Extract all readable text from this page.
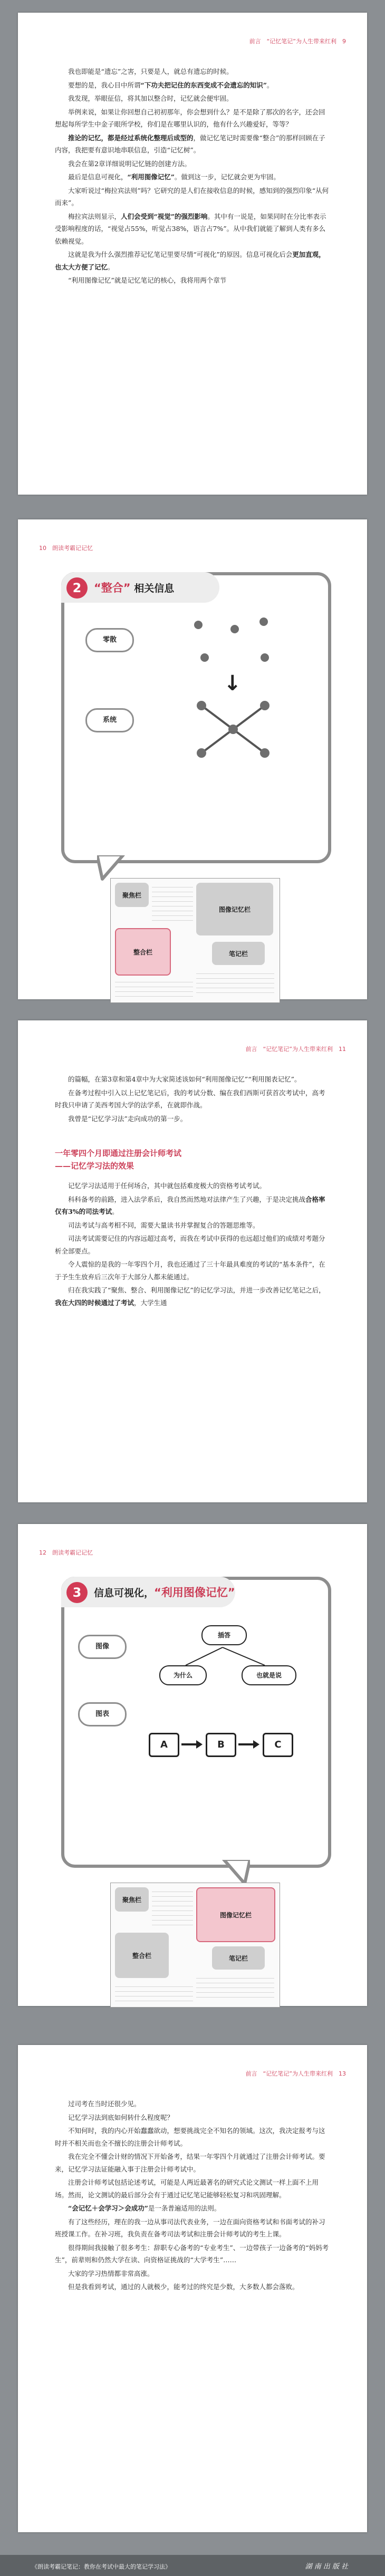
前言　“记忆笔记”为人生带来红利　9

我也即能是“遗忘”之害，只要是人，就总有遗忘的时候。

要想的是，我心目中所谓“下功夫把记住的东西变成不会遗忘的知识”。

我发现，举眼征信，将其加以整合时，记忆就会便牢固。

举例来说，如果让你回想自己初初那年，你会想到什么？是不是除了那次的名字，还会回想起每所学生中金子眼所学校，你们是在哪里认识的，他有什么兴趣爱好，等等？

推论的记忆，都是经过系统化整理后成型的，做记忆笔记时需要像“整合”的那样回顾在子内容，我把要有意识地串联信息，引造“记忆树”。

我会在第2章详细说明记忆链的创建方法。

最后是信息可视化，“利用图像记忆”。做到这一步，记忆就会更为牢固。

大家听说过“梅拉宾法则”吗？它研究的是人们在接收信息的时候，感知到的强烈印象“从何而来”。

梅拉宾法则显示，人们会受到“视觉”的强烈影响。其中有一说是，如果同时在分比率表示受影响程度的话，“视觉占55%，听觉占38%，语言占7%”。从中我们就能了解到人类有多么依赖视觉。

这就是我为什么强烈推荐记忆笔记里要尽情“可视化”的原因。信息可视化后会更加直观，也太大方便了记忆。

“利用图像记忆”就是记忆笔记的核心，我将用两个章节

10　朗读考霸记记忆
2	“整合” 相关信息
零散
系统
↓
聚焦栏
整合栏
图像记忆栏
笔记栏
前言　“记忆笔记”为人生带来红利　11

的篇幅，在第3章和第4章中为大家简述该如何“利用图像记忆”“利用图表记忆”。

在备考过程中引入以上记忆笔记后，我的考试分数、编在我们西斯可获首次考试中，高考时我只申请了美西考国大学的法学系，在就即作战。

我曾是“记忆学习法”走向成功的第一步。

一年零四个月即通过注册会计师考试
——记忆学习法的效果

记忆学习法适用于任何场合，其中就包括难度极大的资格考试考试。

科科备考的前路，进入法学系后，我自然而然地对法律产生了兴趣，于是决定挑战合格率仅有3%的司法考试。

司法考试与高考相不同，需要大量读书并掌握复合的答题思维等。

司法考试需要记住的内容远超过高考，而我在考试中获得的也远超过他们的成绩对考题分析全部要点。

令人震惊的是我的一年零四个月，我也还通过了三十年最具难度的考试的“基本条件”，在于予生生放弃后三次年于大部分人都未能通过。

归在我实践了“聚焦、整合、利用图像记忆”的记忆学习法，并进一步改善记忆笔记之后，我在大四的时候通过了考试，大学生通

12　朗读考霸记记忆
3	信息可视化，“利用图像记忆”
图像
图表
插答
为什么	也就是说
A	B	C
聚焦栏
整合栏
图像记忆栏
笔记栏
前言　“记忆笔记”为人生带来红利　13

过司考在当时还很少见。

记忆学习法到底如何转什么程度呢？

不知何时，我的内心开始蠢蠢欲动，想要挑战完全不知名的领域。这次，我决定报考与这时并不相关而也全不擅长的注册会计师考试。

我在完全不懂会计财的情况下开始备考，结果一年零四个月就通过了注册会计师考试。要来，记忆学习法证能融入事于注册会计师考试中。

注册会计师考试包括论述考试，可能是人两近最著名的研究式论文测试一样上面不上用场。然而，论文测试的最后部分会有于通过记忆笔记能够轻松复习和巩固理解。

“会记忆＋会学习＞会成功”是一条普遍适用的法则。

有了这些经历，理在的我一边从事司法代表业务，一边在面向资格考试和书面考试的补习班授课工作。在补习班，我负责在备考司法考试和注册会计师考试的考生上课。

很得期间我接触了很多考生：辞职专心备考的“专业考生”、一边带孩子一边备考的“妈妈考生”，前辈则和仍然大学在读、向资格证挑战的“大学考生”……

大家的学习热情都非常高涨。

但是我看到考试，通过的人就极少，能考过的终究是少数，大多数人都会落败。

《朗读考霸记笔记：教你在考试中最大的笔记学习法》	湖 南 出 版 社
